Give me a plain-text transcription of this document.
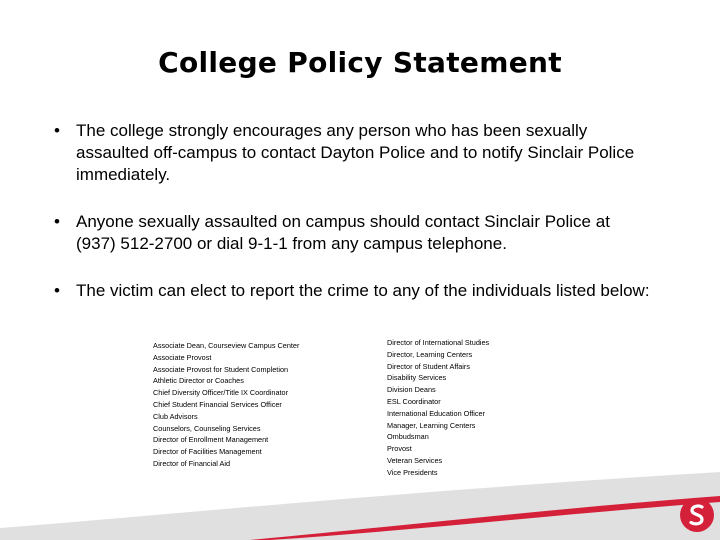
College Policy Statement
• The college strongly encourages any person who has been sexually assaulted off-campus to contact Dayton Police and to notify Sinclair Police immediately.
• Anyone sexually assaulted on campus should contact Sinclair Police at (937) 512-2700 or dial 9-1-1 from any campus telephone.
• The victim can elect to report the crime to any of the individuals listed below:
Associate Dean, Courseview Campus Center
Associate Provost
Associate Provost for Student Completion
Athletic Director or Coaches
Chief Diversity Officer/Title IX Coordinator
Chief Student Financial Services Officer
Club Advisors
Counselors, Counseling Services
Director of Enrollment Management
Director of Facilities Management
Director of Financial Aid
Director of International Studies
Director, Learning Centers
Director of Student Affairs
Disability Services
Division Deans
ESL Coordinator
International Education Officer
Manager, Learning Centers
Ombudsman
Provost
Veteran Services
Vice Presidents
